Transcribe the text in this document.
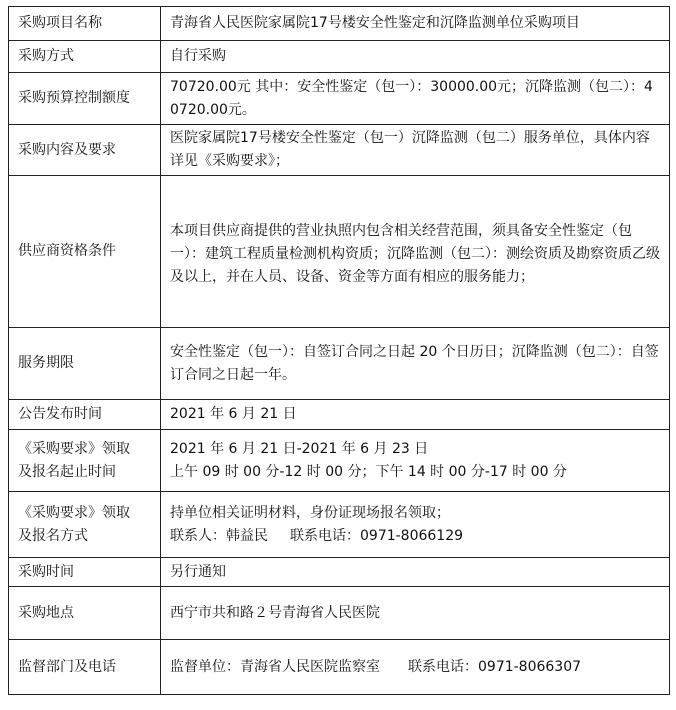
采购项目名称	青海省人民医院家属院17号楼安全性鉴定和沉降监测单位采购项目
采购方式	自行采购
采购预算控制额度	70720.00元 其中：安全性鉴定（包一）：30000.00元；沉降监测（包二）：40720.00元。
采购内容及要求	医院家属院17号楼安全性鉴定（包一）沉降监测（包二）服务单位，具体内容详见《采购要求》；
供应商资格条件	本项目供应商提供的营业执照内包含相关经营范围，须具备安全性鉴定（包一）：建筑工程质量检测机构资质；沉降监测（包二）：测绘资质及勘察资质乙级及以上，并在人员、设备、资金等方面有相应的服务能力；
服务期限	安全性鉴定（包一）：自签订合同之日起 20 个日历日；沉降监测（包二）：自签订合同之日起一年。
公告发布时间	2021 年 6 月 21 日

《采购要求》领取
及报名起止时间	2021 年 6 月 21 日-2021 年 6 月 23 日
上午 09 时 00 分-12 时 00 分；下午 14 时 00 分-17 时 00 分

《采购要求》领取
及报名方式	持单位相关证明材料，身份证现场报名领取；
联系人：韩益民 联系电话：0971-8066129

采购时间	另行通知
采购地点	西宁市共和路２号青海省人民医院
监督部门及电话	监督单位：青海省人民医院监察室 联系电话：0971-8066307
